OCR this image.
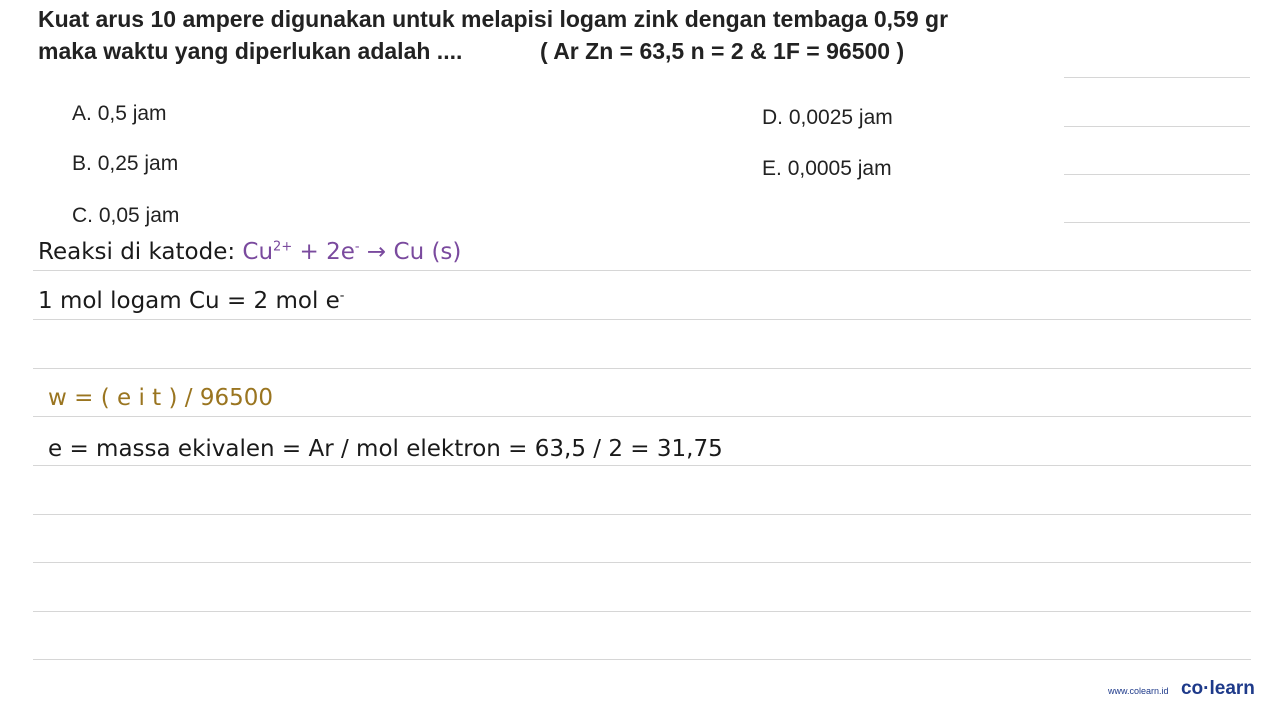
Kuat arus 10 ampere digunakan untuk melapisi logam zink dengan tembaga 0,59 gr
maka waktu yang diperlukan adalah ....	( Ar Zn = 63,5 n = 2 & 1F = 96500 )
A. 0,5 jam
B. 0,25 jam
C. 0,05 jam
D. 0,0025 jam
E. 0,0005 jam
Reaksi di katode: $Cu^{2+} + 2e^- \to Cu$ (s)
1 mol logam Cu = 2 mol e-
w = ( e i t ) / 96500
e = massa ekivalen = Ar / mol elektron = 63,5 / 2 = 31,75
www.colearn.id co·learn
